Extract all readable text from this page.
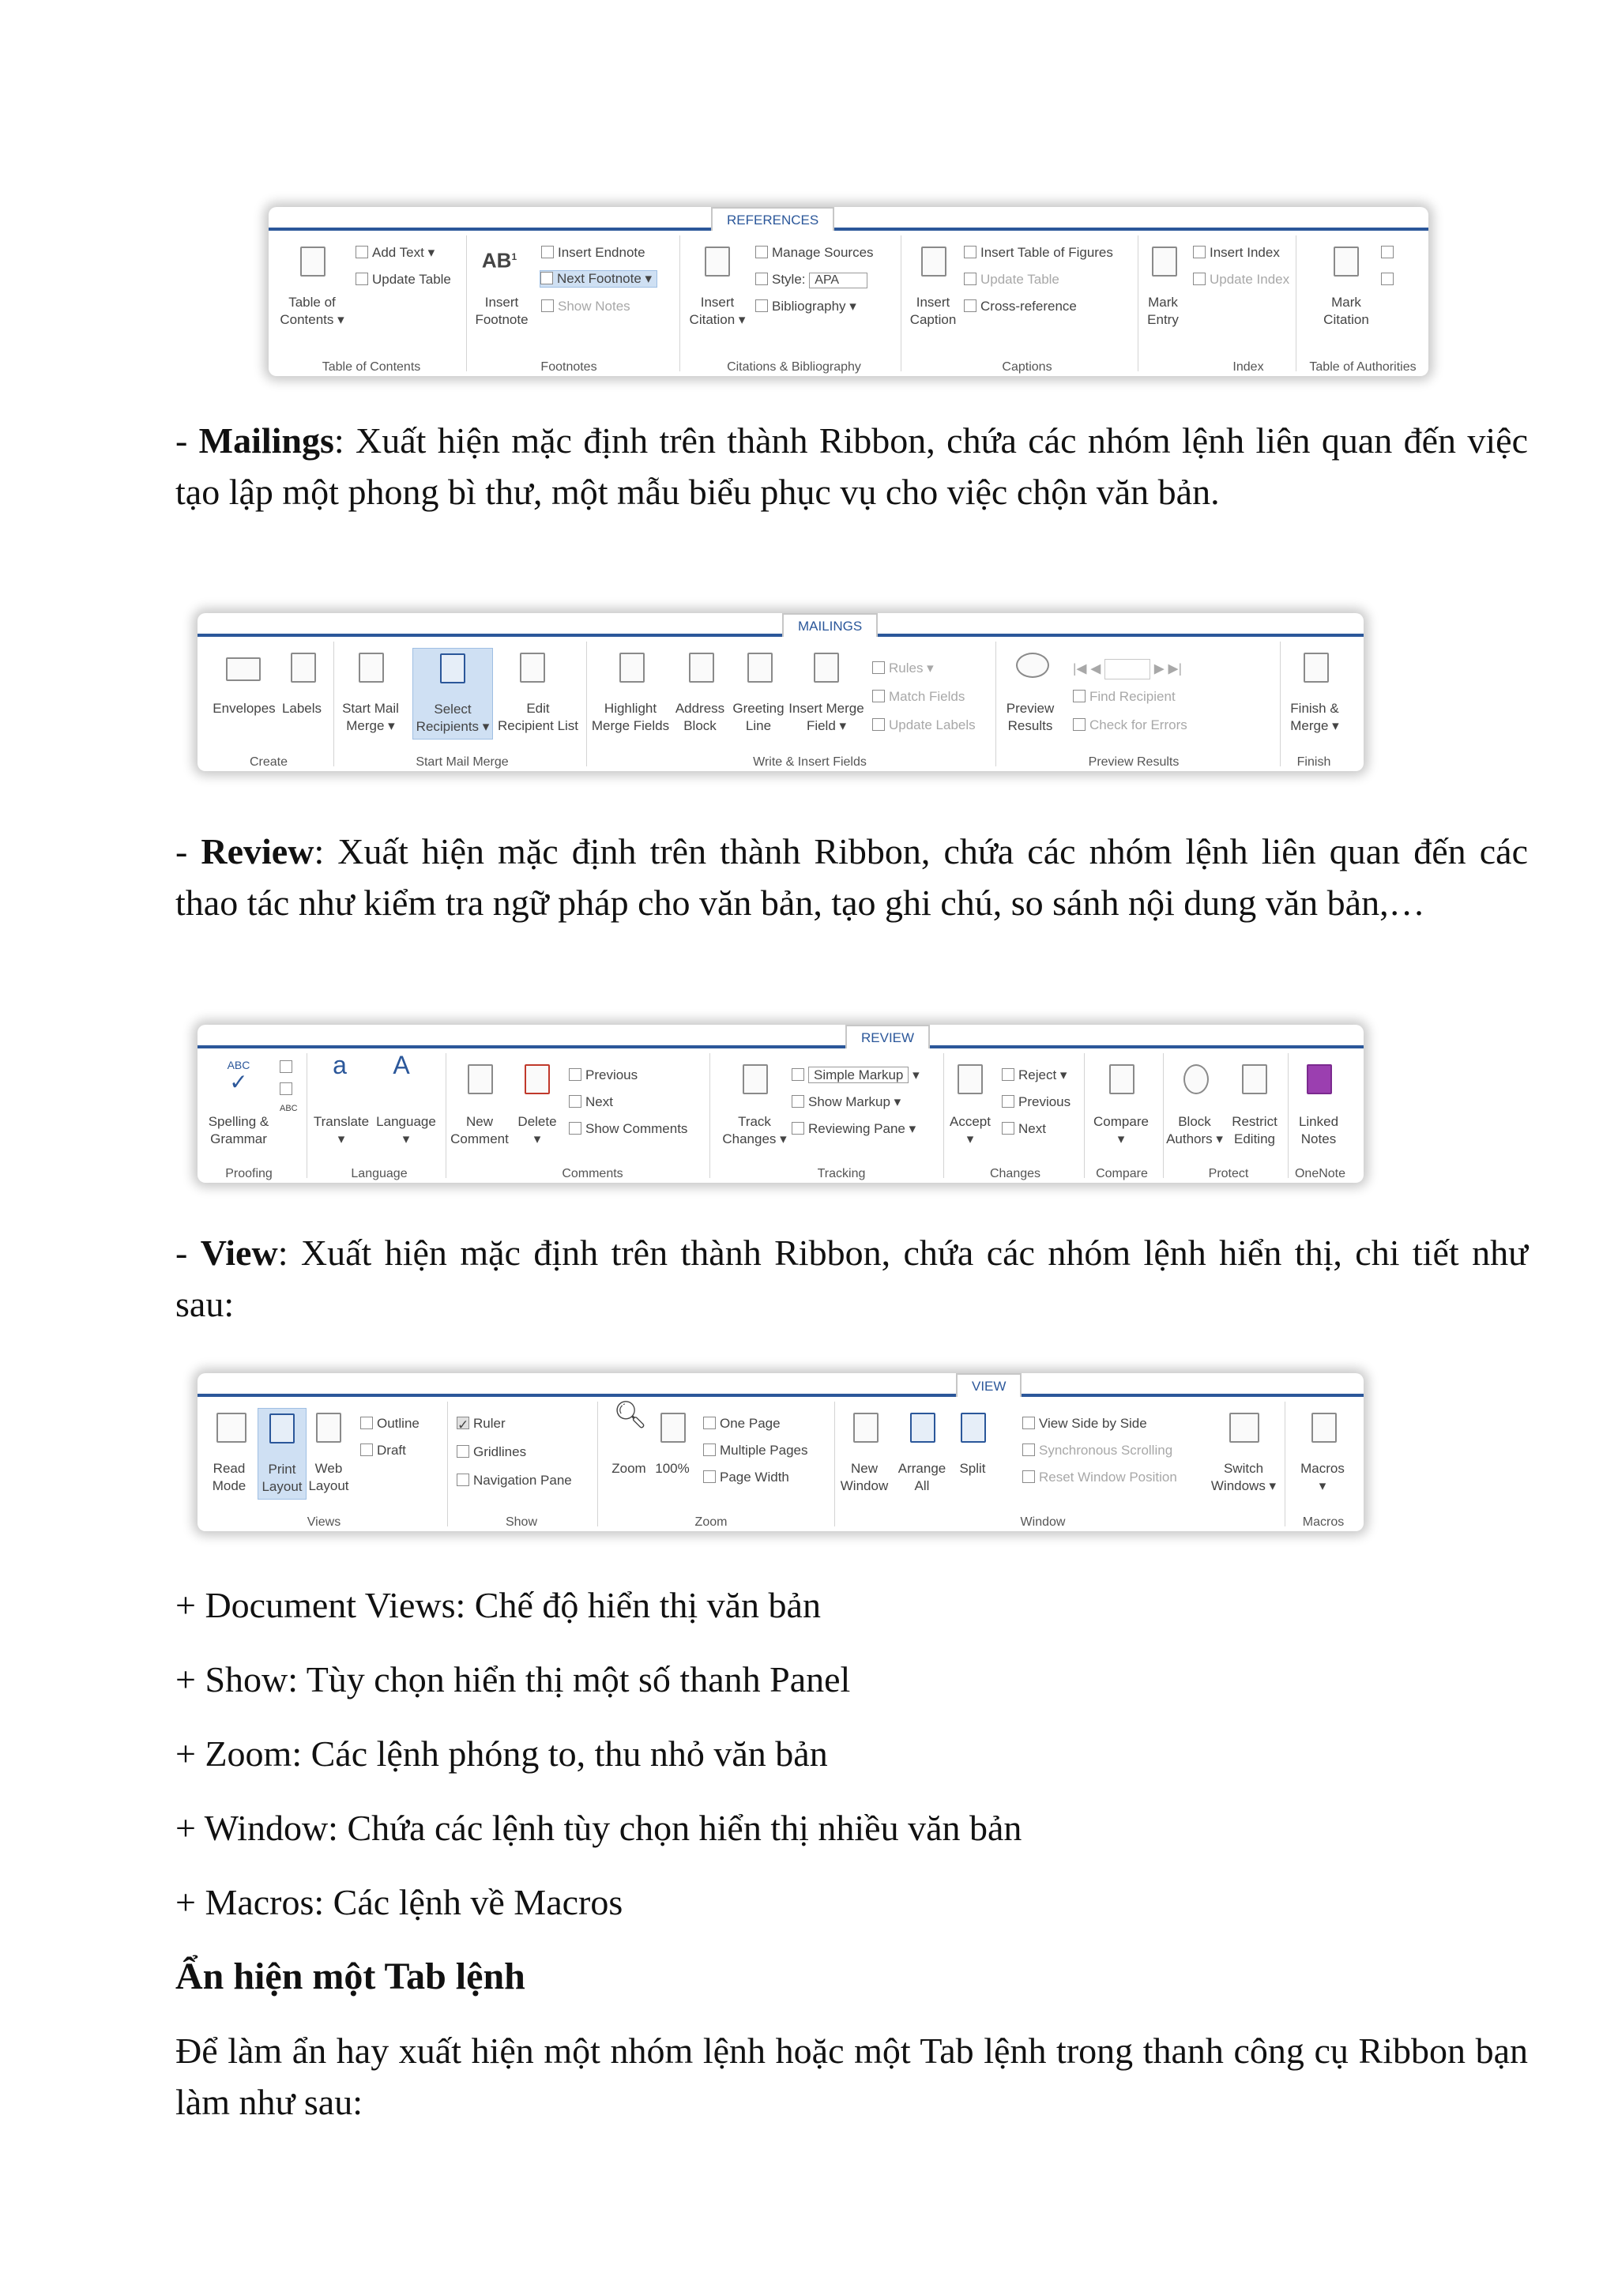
REFERENCES
Table of
Contents ▾
Add Text ▾
Update Table
Table of Contents
$AB^1$
Insert
Footnote
Insert Endnote
Next Footnote ▾
Show Notes
Footnotes
Insert
Citation ▾
Manage Sources
Style: APA
Bibliography ▾
Citations & Bibliography
Insert
Caption
Insert Table of Figures
Update Table
Cross-reference
Captions
Mark
Entry
Insert Index
Update Index
Index
Mark
Citation
Table of Authorities

- Mailings: Xuất hiện mặc định trên thành Ribbon, chứa các nhóm lệnh liên quan đến việc tạo lập một phong bì thư, một mẫu biểu phục vụ cho việc chộn văn bản.

MAILINGS
Envelopes Labels
Create
Start Mail
Merge ▾
Select
Recipients ▾
Edit
Recipient List
Start Mail Merge
Highlight
Merge Fields
Address
Block
Greeting
Line
Insert Merge
Field ▾
Rules ▾
Match Fields
Update Labels
Write & Insert Fields
Preview
Results
|◀ ◀	▶ ▶|
Find Recipient
Check for Errors
Preview Results
Finish &
Merge ▾
Finish

- Review: Xuất hiện mặc định trên thành Ribbon, chứa các nhóm lệnh liên quan đến các thao tác như kiểm tra ngữ pháp cho văn bản, tạo ghi chú, so sánh nội dung văn bản,…

REVIEW
ABC
✓
ABC
Spelling &
Grammar
Proofing
a
Translate
▾
A
Language
▾
Language
New
Comment
Delete
▾
Previous
Next
Show Comments
Comments
Track
Changes ▾
Simple Markup ▾
Show Markup ▾
Reviewing Pane ▾
Tracking
Accept
▾
Reject ▾
Previous
Next
Changes
Compare
▾
Compare
Block
Authors ▾
Restrict
Editing
Protect
Linked
Notes
OneNote

- View: Xuất hiện mặc định trên thành Ribbon, chứa các nhóm lệnh hiển thị, chi tiết như sau:

VIEW
Read
Mode
Print
Layout
Web
Layout
Outline
Draft
Views
✓ Ruler
Gridlines
Navigation Pane
Show
🔍︎
Zoom 100%
One Page
Multiple Pages
Page Width
Zoom
New
Window
Arrange
All
Split
View Side by Side
Synchronous Scrolling
Reset Window Position
Window
Switch
Windows ▾
Macros
▾
Macros

+ Document Views: Chế độ hiển thị văn bản

+ Show: Tùy chọn hiển thị một số thanh Panel

+ Zoom: Các lệnh phóng to, thu nhỏ văn bản

+ Window: Chứa các lệnh tùy chọn hiển thị nhiều văn bản

+ Macros: Các lệnh về Macros

Ẩn hiện một Tab lệnh

Để làm ẩn hay xuất hiện một nhóm lệnh hoặc một Tab lệnh trong thanh công cụ Ribbon bạn làm như sau:
